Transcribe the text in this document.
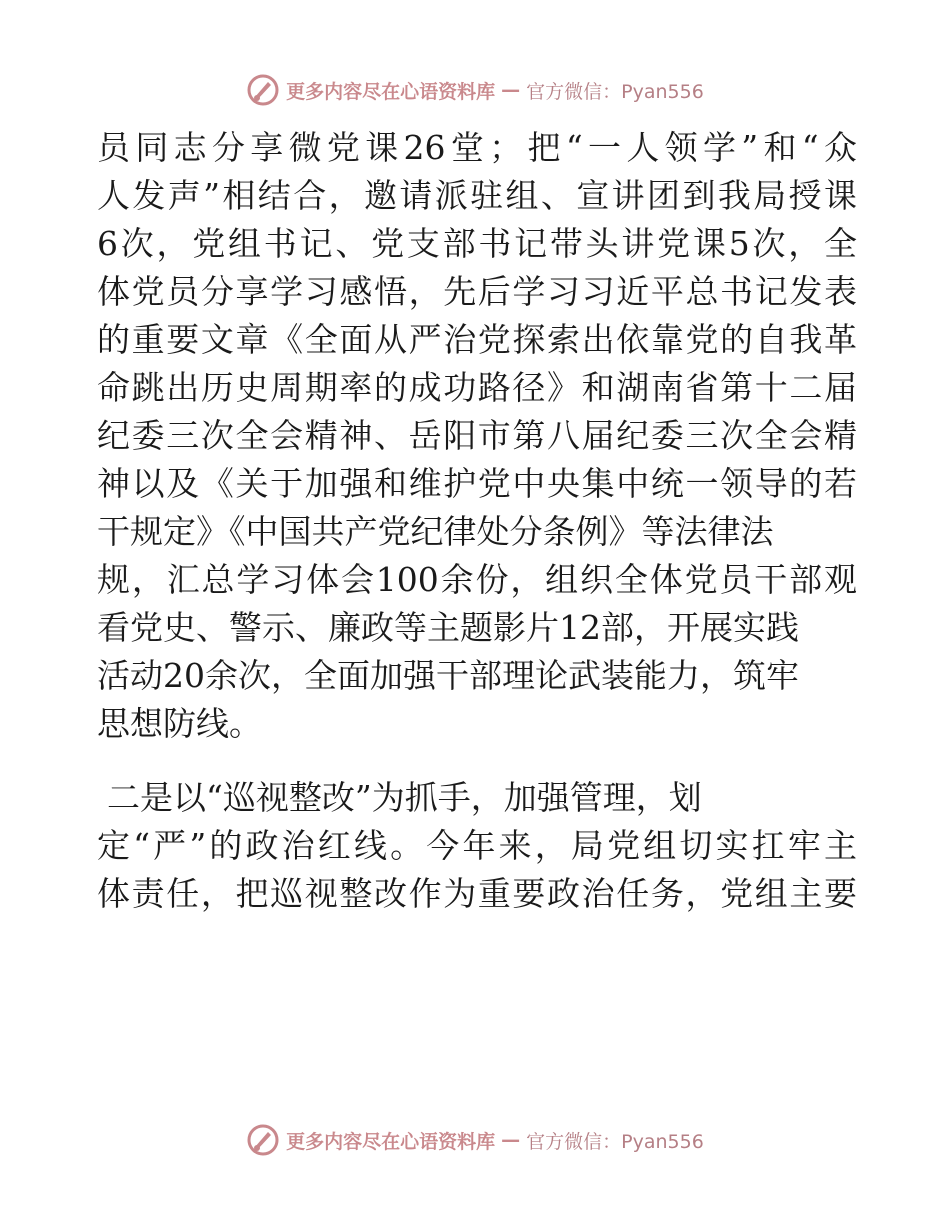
更多内容尽在心语资料库 — 官方微信：Pyan556
员同志分享微党课26堂；把“一人领学”和“众
人发声”相结合，邀请派驻组、宣讲团到我局授课
6次，党组书记、党支部书记带头讲党课5次，全
体党员分享学习感悟，先后学习习近平总书记发表
的重要文章《全面从严治党探索出依靠党的自我革
命跳出历史周期率的成功路径》和湖南省第十二届
纪委三次全会精神、岳阳市第八届纪委三次全会精
神以及《关于加强和维护党中央集中统一领导的若
干规定》《中国共产党纪律处分条例》等法律法
规，汇总学习体会100余份，组织全体党员干部观
看党史、警示、廉政等主题影片12部，开展实践
活动20余次，全面加强干部理论武装能力，筑牢
思想防线。
二是以“巡视整改”为抓手，加强管理，划
定“严”的政治红线。今年来，局党组切实扛牢主
体责任，把巡视整改作为重要政治任务，党组主要
更多内容尽在心语资料库 — 官方微信：Pyan556
